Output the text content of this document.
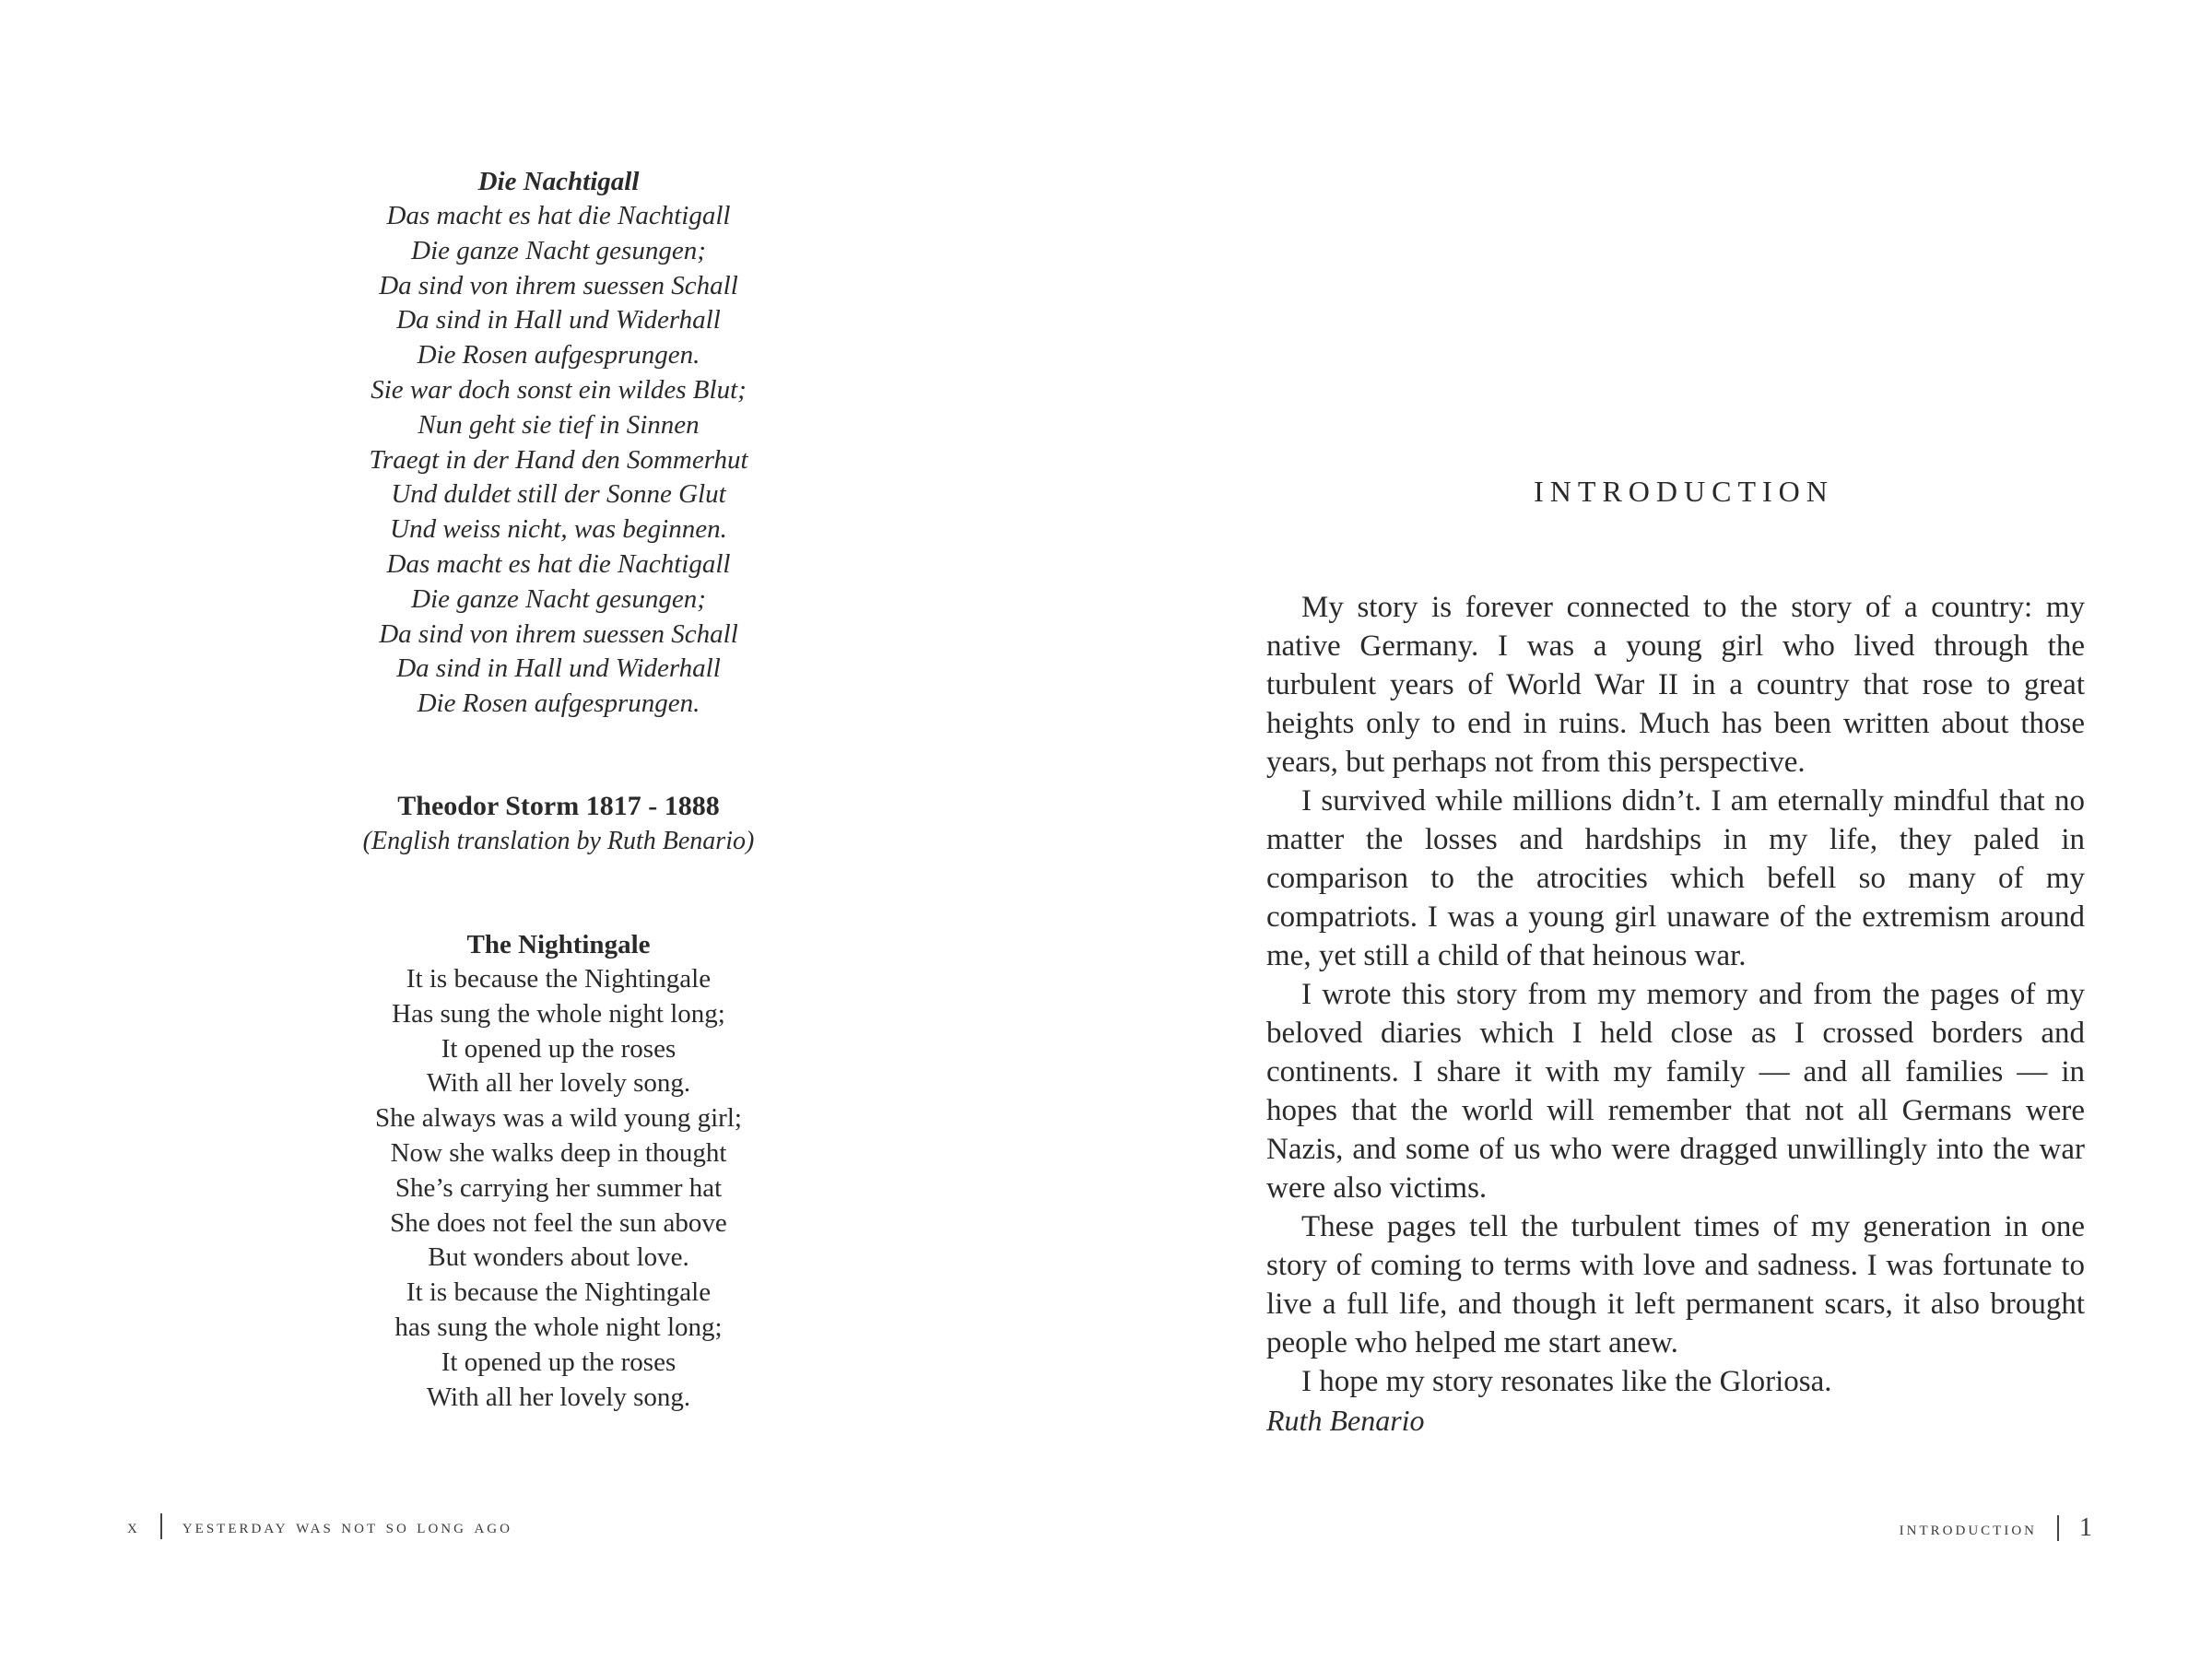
Die Nachtigall
Das macht es hat die Nachtigall
Die ganze Nacht gesungen;
Da sind von ihrem suessen Schall
Da sind in Hall und Widerhall
Die Rosen aufgesprungen.
Sie war doch sonst ein wildes Blut;
Nun geht sie tief in Sinnen
Traegt in der Hand den Sommerhut
Und duldet still der Sonne Glut
Und weiss nicht, was beginnen.
Das macht es hat die Nachtigall
Die ganze Nacht gesungen;
Da sind von ihrem suessen Schall
Da sind in Hall und Widerhall
Die Rosen aufgesprungen.
Theodor Storm 1817 - 1888
(English translation by Ruth Benario)
The Nightingale
It is because the Nightingale
Has sung the whole night long;
It opened up the roses
With all her lovely song.
She always was a wild young girl;
Now she walks deep in thought
She’s carrying her summer hat
She does not feel the sun above
But wonders about love.
It is because the Nightingale
has sung the whole night long;
It opened up the roses
With all her lovely song.
x yesterday was not so long ago
INTRODUCTION

My story is forever connected to the story of a country: my native Germany. I was a young girl who lived through the turbulent years of World War II in a country that rose to great heights only to end in ruins. Much has been written about those years, but perhaps not from this perspective.

I survived while millions didn’t. I am eternally mindful that no matter the losses and hardships in my life, they paled in comparison to the atrocities which befell so many of my compatriots. I was a young girl unaware of the extremism around me, yet still a child of that heinous war.

I wrote this story from my memory and from the pages of my beloved diaries which I held close as I crossed borders and continents. I share it with my family — and all families — in hopes that the world will remember that not all Germans were Nazis, and some of us who were dragged unwillingly into the war were also victims.

These pages tell the turbulent times of my generation in one story of coming to terms with love and sadness. I was fortunate to live a full life, and though it left permanent scars, it also brought people who helped me start anew.

I hope my story resonates like the Gloriosa.

Ruth Benario
introduction 1
